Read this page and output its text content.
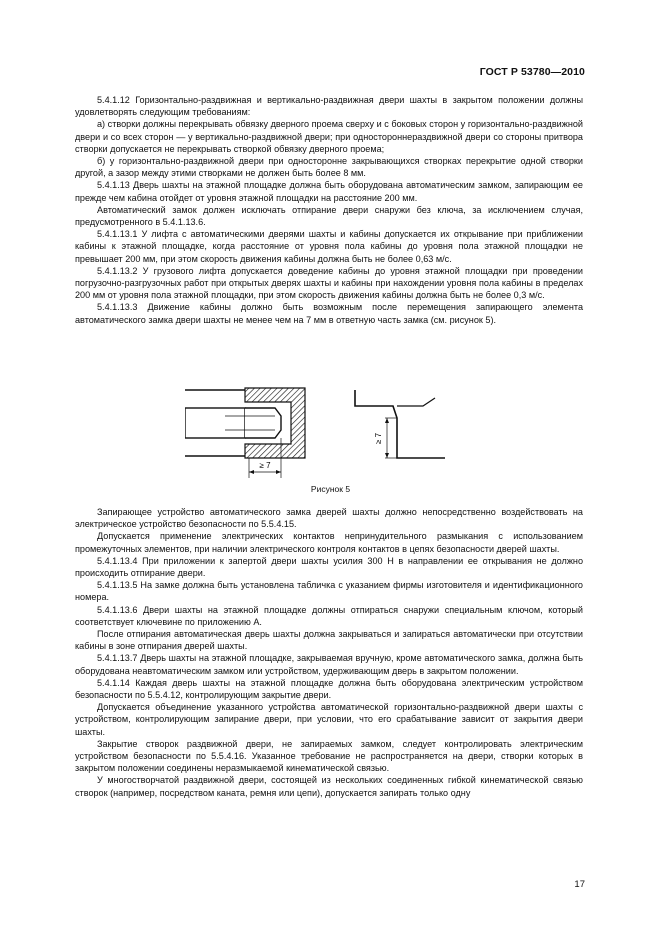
ГОСТ Р 53780—2010

5.4.1.12 Горизонтально-раздвижная и вертикально-раздвижная двери шахты в закрытом положении должны удовлетворять следующим требованиям:

а) створки должны перекрывать обвязку дверного проема сверху и с боковых сторон у горизонтально-раздвижной двери и со всех сторон — у вертикально-раздвижной двери; при одностороннераздвижной двери со стороны притвора створки допускается не перекрывать створкой обвязку дверного проема;

б) у горизонтально-раздвижной двери при односторонне закрывающихся створках перекрытие одной створки другой, а зазор между этими створками не должен быть более 8 мм.

5.4.1.13 Дверь шахты на этажной площадке должна быть оборудована автоматическим замком, запирающим ее прежде чем кабина отойдет от уровня этажной площадки на расстояние 200 мм.

Автоматический замок должен исключать отпирание двери снаружи без ключа, за исключением случая, предусмотренного в 5.4.1.13.6.

5.4.1.13.1 У лифта с автоматическими дверями шахты и кабины допускается их открывание при приближении кабины к этажной площадке, когда расстояние от уровня пола кабины до уровня пола этажной площадки не превышает 200 мм, при этом скорость движения кабины должна быть не более 0,63 м/с.

5.4.1.13.2 У грузового лифта допускается доведение кабины до уровня этажной площадки при проведении погрузочно-разгрузочных работ при открытых дверях шахты и кабины при нахождении уровня пола кабины в пределах 200 мм от уровня пола этажной площадки, при этом скорость движения кабины должна быть не более 0,3 м/с.

5.4.1.13.3 Движение кабины должно быть возможным после перемещения запирающего элемента автоматического замка двери шахты не менее чем на 7 мм в ответную часть замка (см. рисунок 5).

≥ 7
≥ 7
Рисунок 5

Запирающее устройство автоматического замка дверей шахты должно непосредственно воздействовать на электрическое устройство безопасности по 5.5.4.15.

Допускается применение электрических контактов непринудительного размыкания с использованием промежуточных элементов, при наличии электрического контроля контактов в цепях безопасности дверей шахты.

5.4.1.13.4 При приложении к запертой двери шахты усилия 300 Н в направлении ее открывания не должно происходить отпирание двери.

5.4.1.13.5 На замке должна быть установлена табличка с указанием фирмы изготовителя и идентификационного номера.

5.4.1.13.6 Двери шахты на этажной площадке должны отпираться снаружи специальным ключом, который соответствует ключевине по приложению А.

После отпирания автоматическая дверь шахты должна закрываться и запираться автоматически при отсутствии кабины в зоне отпирания дверей шахты.

5.4.1.13.7 Дверь шахты на этажной площадке, закрываемая вручную, кроме автоматического замка, должна быть оборудована неавтоматическим замком или устройством, удерживающим дверь в закрытом положении.

5.4.1.14 Каждая дверь шахты на этажной площадке должна быть оборудована электрическим устройством безопасности по 5.5.4.12, контролирующим закрытие двери.

Допускается объединение указанного устройства автоматической горизонтально-раздвижной двери шахты с устройством, контролирующим запирание двери, при условии, что его срабатывание зависит от закрытия двери шахты.

Закрытие створок раздвижной двери, не запираемых замком, следует контролировать электрическим устройством безопасности по 5.5.4.16. Указанное требование не распространяется на двери, створки которых в закрытом положении соединены неразмыкаемой кинематической связью.

У многостворчатой раздвижной двери, состоящей из нескольких соединенных гибкой кинематической связью створок (например, посредством каната, ремня или цепи), допускается запирать только одну

17
